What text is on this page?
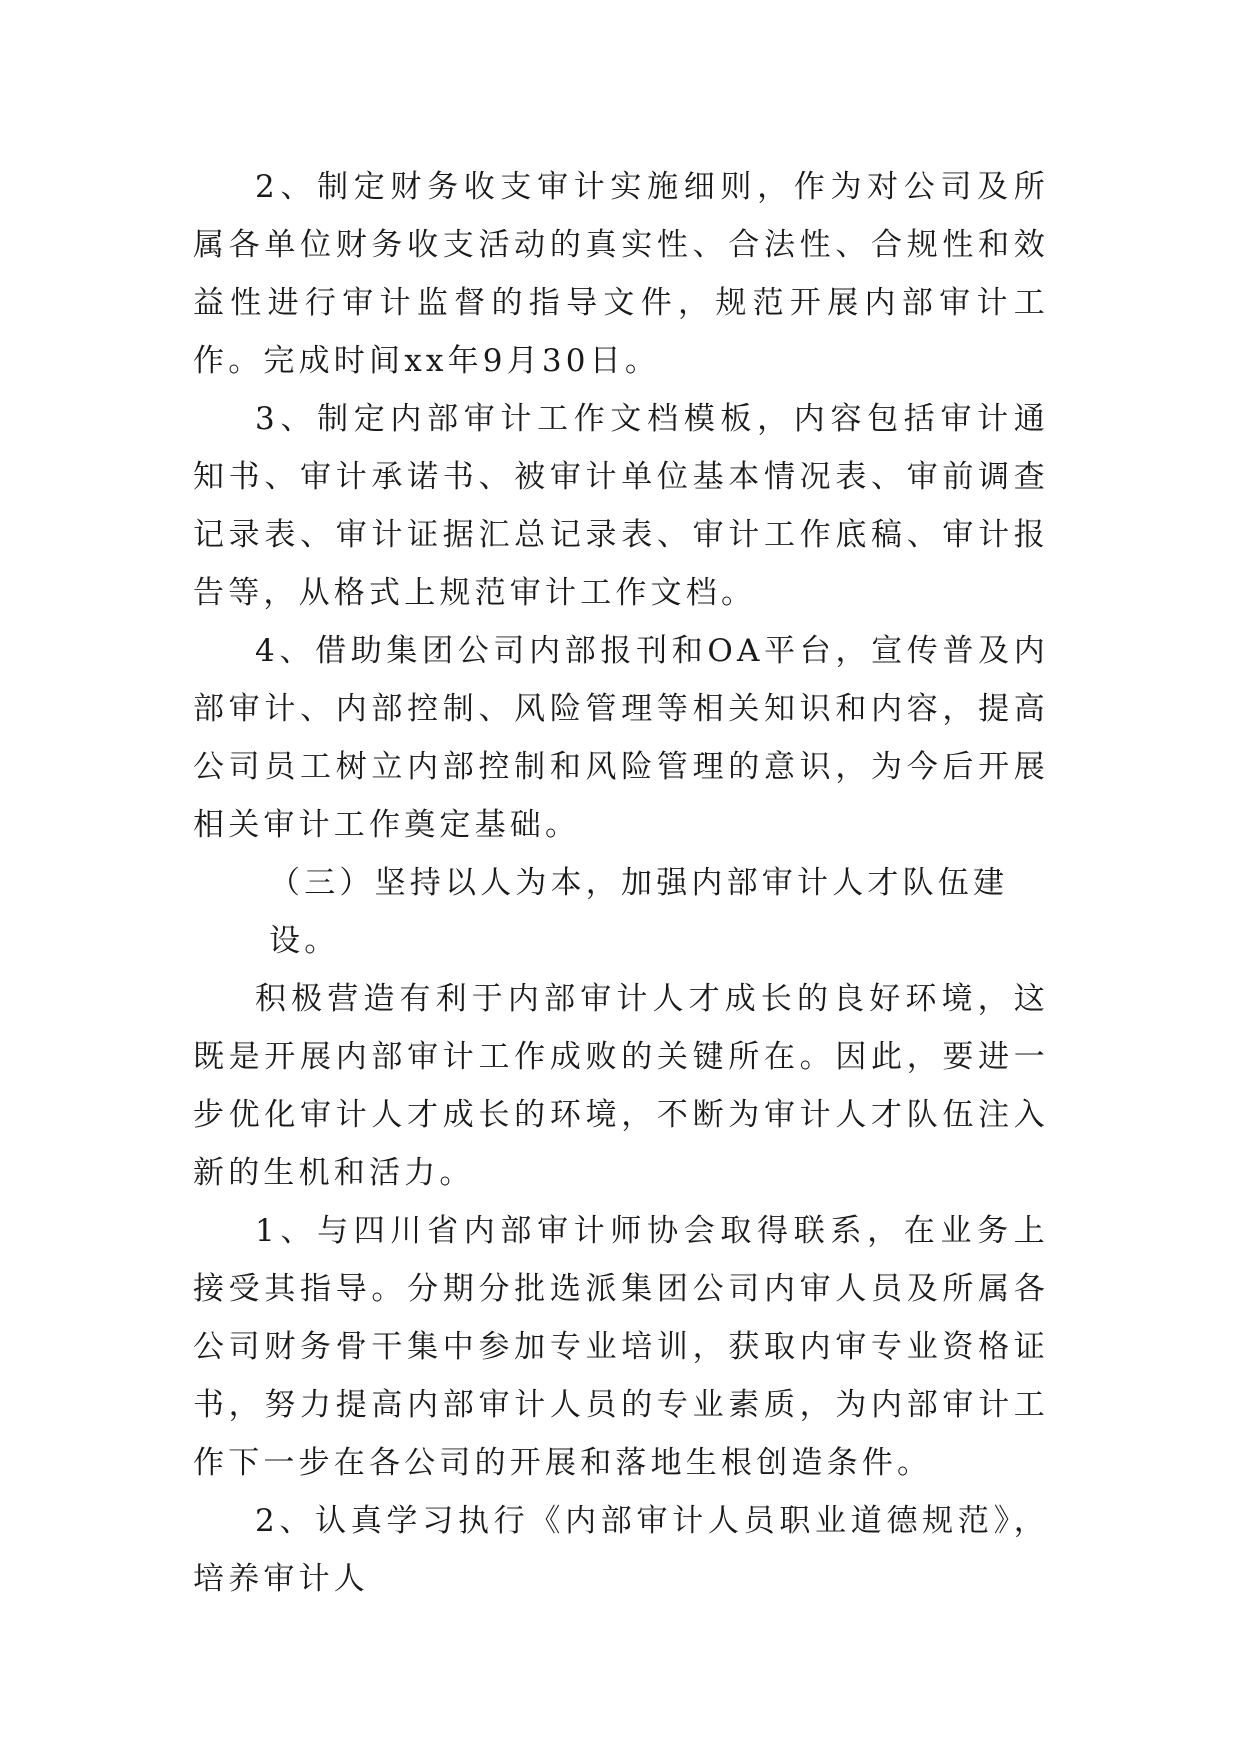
2、制定财务收支审计实施细则，作为对公司及所属各单位财务收支活动的真实性、合法性、合规性和效益性进行审计监督的指导文件，规范开展内部审计工作。完成时间xx年9月30日。

3、制定内部审计工作文档模板，内容包括审计通知书、审计承诺书、被审计单位基本情况表、审前调查记录表、审计证据汇总记录表、审计工作底稿、审计报告等，从格式上规范审计工作文档。

4、借助集团公司内部报刊和OA平台，宣传普及内部审计、内部控制、风险管理等相关知识和内容，提高公司员工树立内部控制和风险管理的意识，为今后开展相关审计工作奠定基础。

（三）坚持以人为本，加强内部审计人才队伍建设。

积极营造有利于内部审计人才成长的良好环境，这既是开展内部审计工作成败的关键所在。因此，要进一步优化审计人才成长的环境，不断为审计人才队伍注入新的生机和活力。

1、与四川省内部审计师协会取得联系，在业务上接受其指导。分期分批选派集团公司内审人员及所属各公司财务骨干集中参加专业培训，获取内审专业资格证书，努力提高内部审计人员的专业素质，为内部审计工作下一步在各公司的开展和落地生根创造条件。

2、认真学习执行《内部审计人员职业道德规范》，培养审计人
